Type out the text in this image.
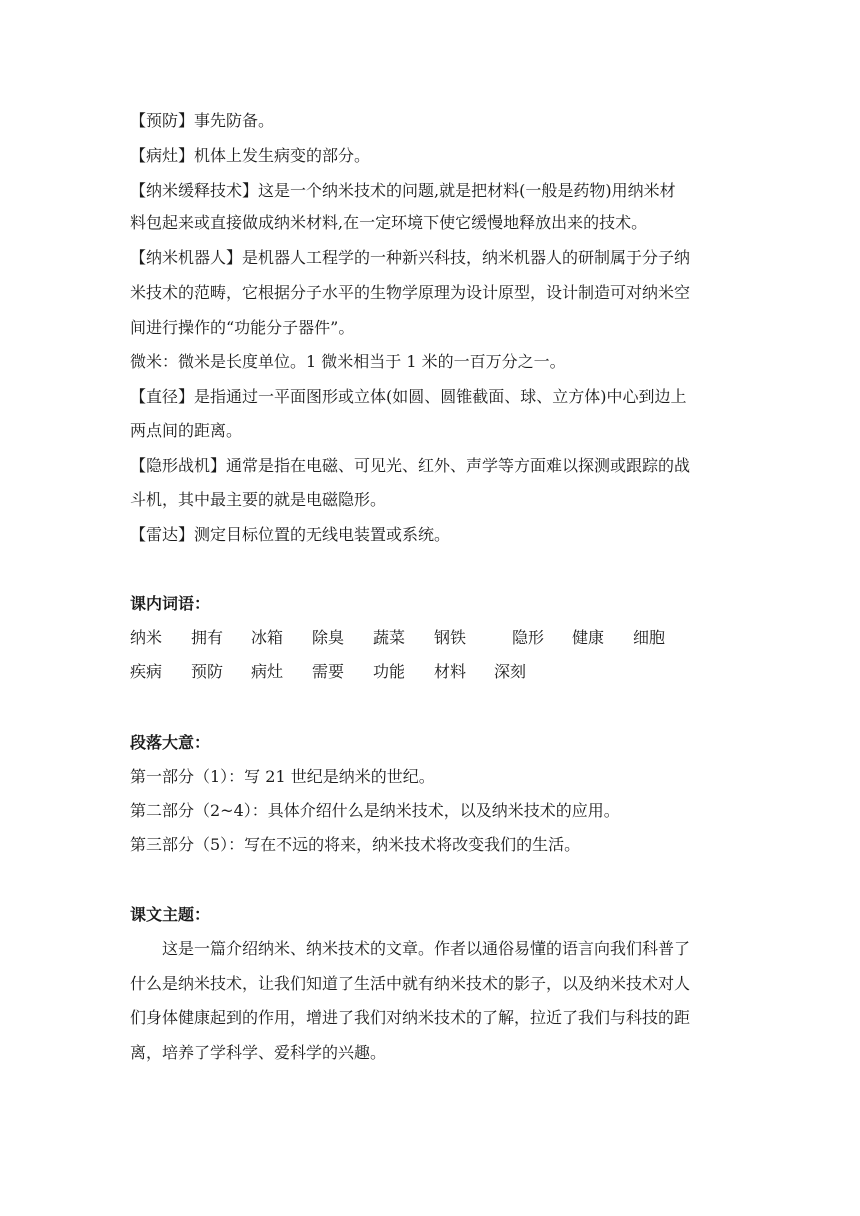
【预防】事先防备。
【病灶】机体上发生病变的部分。
【纳米缓释技术】这是一个纳米技术的问题,就是把材料(一般是药物)用纳米材
料包起来或直接做成纳米材料,在一定环境下使它缓慢地释放出来的技术。
【纳米机器人】是机器人工程学的一种新兴科技，纳米机器人的研制属于分子纳
米技术的范畴，它根据分子水平的生物学原理为设计原型，设计制造可对纳米空
间进行操作的“功能分子器件”。
微米：微米是长度单位。1 微米相当于 1 米的一百万分之一。
【直径】是指通过一平面图形或立体(如圆、圆锥截面、球、立方体)中心到边上
两点间的距离。
【隐形战机】通常是指在电磁、可见光、红外、声学等方面难以探测或跟踪的战
斗机，其中最主要的就是电磁隐形。
【雷达】测定目标位置的无线电装置或系统。
课内词语：
纳米 拥有 冰箱 除臭 蔬菜 钢铁	隐形 健康 细胞
疾病 预防 病灶 需要 功能 材料 深刻
段落大意：
第一部分（1）：写 21 世纪是纳米的世纪。
第二部分（2~4）：具体介绍什么是纳米技术，以及纳米技术的应用。
第三部分（5）：写在不远的将来，纳米技术将改变我们的生活。
课文主题：
这是一篇介绍纳米、纳米技术的文章。作者以通俗易懂的语言向我们科普了
什么是纳米技术，让我们知道了生活中就有纳米技术的影子，以及纳米技术对人
们身体健康起到的作用，增进了我们对纳米技术的了解，拉近了我们与科技的距
离，培养了学科学、爱科学的兴趣。
